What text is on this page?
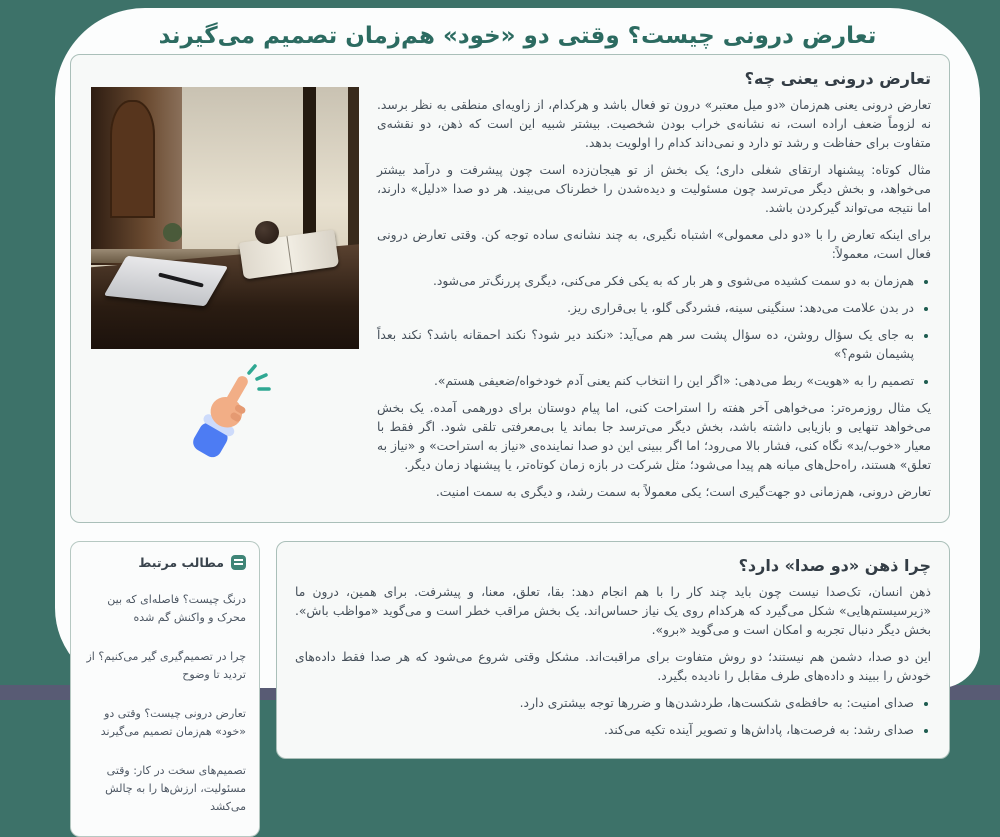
تعارض درونی چیست؟ وقتی دو «خود» هم‌زمان تصمیم می‌گیرند
تعارض درونی یعنی چه؟

تعارض درونی یعنی هم‌زمان «دو میل معتبر» درون تو فعال باشد و هرکدام، از زاویه‌ای منطقی به نظر برسد. نه لزوماً ضعف اراده است، نه نشانه‌ی خراب بودن شخصیت. بیشتر شبیه این است که ذهن، دو نقشه‌ی متفاوت برای حفاظت و رشد تو دارد و نمی‌داند کدام را اولویت بدهد.

مثال کوتاه: پیشنهاد ارتقای شغلی داری؛ یک بخش از تو هیجان‌زده است چون پیشرفت و درآمد بیشتر می‌خواهد، و بخش دیگر می‌ترسد چون مسئولیت و دیده‌شدن را خطرناک می‌بیند. هر دو صدا «دلیل» دارند، اما نتیجه می‌تواند گیرکردن باشد.

برای اینکه تعارض را با «دو دلی معمولی» اشتباه نگیری، به چند نشانه‌ی ساده توجه کن. وقتی تعارض درونی فعال است، معمولاً:

• هم‌زمان به دو سمت کشیده می‌شوی و هر بار که به یکی فکر می‌کنی، دیگری پررنگ‌تر می‌شود.
• در بدن علامت می‌دهد: سنگینی سینه، فشردگی گلو، یا بی‌قراری ریز.
• به جای یک سؤال روشن، ده سؤال پشت سر هم می‌آید: «نکند دیر شود؟ نکند احمقانه باشد؟ نکند بعداً پشیمان شوم؟»
• تصمیم را به «هویت» ربط می‌دهی: «اگر این را انتخاب کنم یعنی آدم خودخواه/ضعیفی هستم».

یک مثال روزمره‌تر: می‌خواهی آخر هفته را استراحت کنی، اما پیام دوستان برای دورهمی آمده. یک بخش می‌خواهد تنهایی و بازیابی داشته باشد، بخش دیگر می‌ترسد جا بماند یا بی‌معرفتی تلقی شود. اگر فقط با معیار «خوب/بد» نگاه کنی، فشار بالا می‌رود؛ اما اگر ببینی این دو صدا نماینده‌ی «نیاز به استراحت» و «نیاز به تعلق» هستند، راه‌حل‌های میانه هم پیدا می‌شود؛ مثل شرکت در بازه زمان کوتاه‌تر، یا پیشنهاد زمان دیگر.

تعارض درونی، هم‌زمانی دو جهت‌گیری است؛ یکی معمولاً به سمت رشد، و دیگری به سمت امنیت.

چرا ذهن «دو صدا» دارد؟

ذهن انسان، تک‌صدا نیست چون باید چند کار را با هم انجام دهد: بقا، تعلق، معنا، و پیشرفت. برای همین، درون ما «زیرسیستم‌هایی» شکل می‌گیرد که هرکدام روی یک نیاز حساس‌اند. یک بخش مراقب خطر است و می‌گوید «مواظب باش». بخش دیگر دنبال تجربه و امکان است و می‌گوید «برو».

این دو صدا، دشمن هم نیستند؛ دو روش متفاوت برای مراقبت‌اند. مشکل وقتی شروع می‌شود که هر صدا فقط داده‌های خودش را ببیند و داده‌های طرف مقابل را نادیده بگیرد.

• صدای امنیت: به حافظه‌ی شکست‌ها، طردشدن‌ها و ضررها توجه بیشتری دارد.
• صدای رشد: به فرصت‌ها، پاداش‌ها و تصویر آینده تکیه می‌کند.
مطالب مرتبط
درنگ چیست؟ فاصله‌ای که بین محرک و واکنش گم شده
چرا در تصمیم‌گیری گیر می‌کنیم؟ از تردید تا وضوح
تعارض درونی چیست؟ وقتی دو «خود» هم‌زمان تصمیم می‌گیرند
تصمیم‌های سخت در کار: وقتی مسئولیت، ارزش‌ها را به چالش می‌کشد
